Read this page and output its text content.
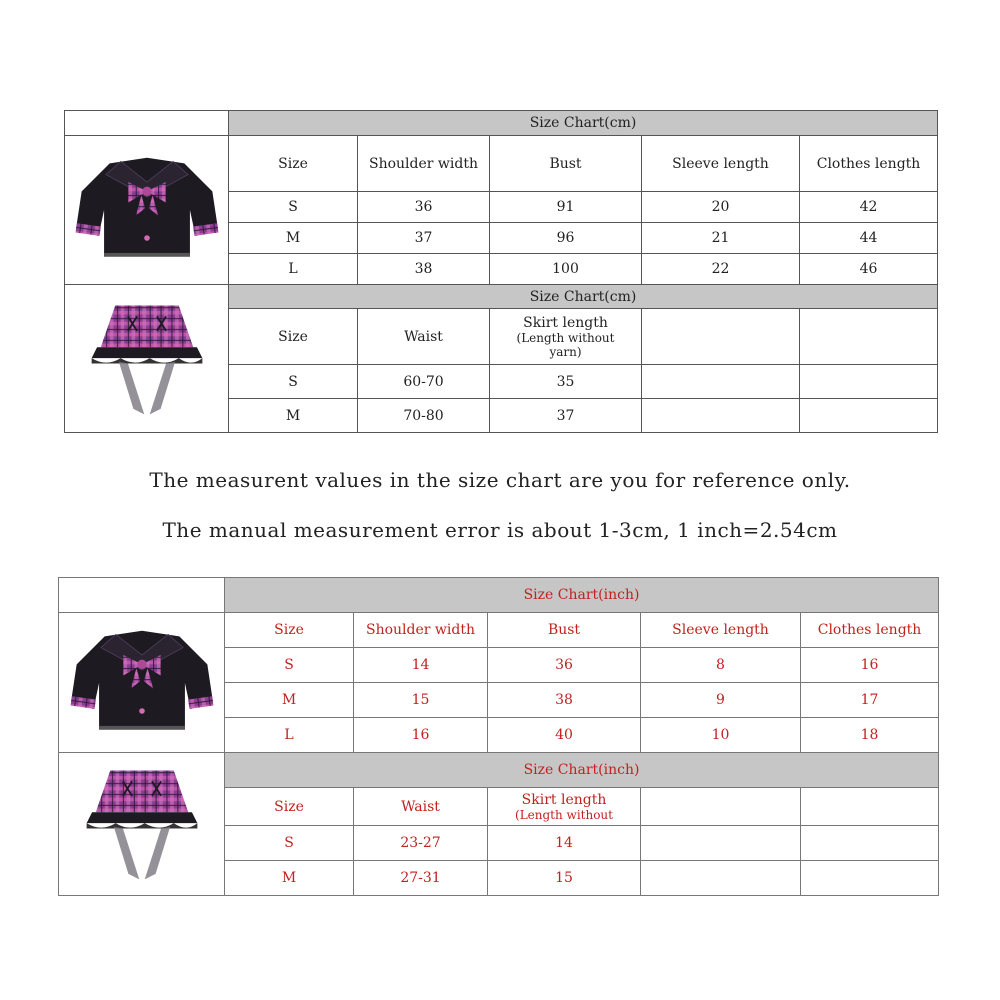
	Size Chart(cm)				

	Size	Shoulder width	Bust	Sleeve length	Clothes length
	S	36	91	20	42
	M	37	96	21	44
	L	38	100	22	46

	Size Chart(cm)				
	Size	Waist	Skirt length
(Length without
yarn)		

	S	60-70	35		
	M	70-80	37		
The measurent values in the size chart are you for reference only.
The manual measurement error is about 1-3cm, 1 inch=2.54cm
	Size Chart(inch)				

	Size	Shoulder width	Bust	Sleeve length	Clothes length
	S	14	36	8	16
	M	15	38	9	17
	L	16	40	10	18

	Size Chart(inch)				
	Size	Waist	Skirt length
(Length without		

	S	23-27	14		
	M	27-31	15		
